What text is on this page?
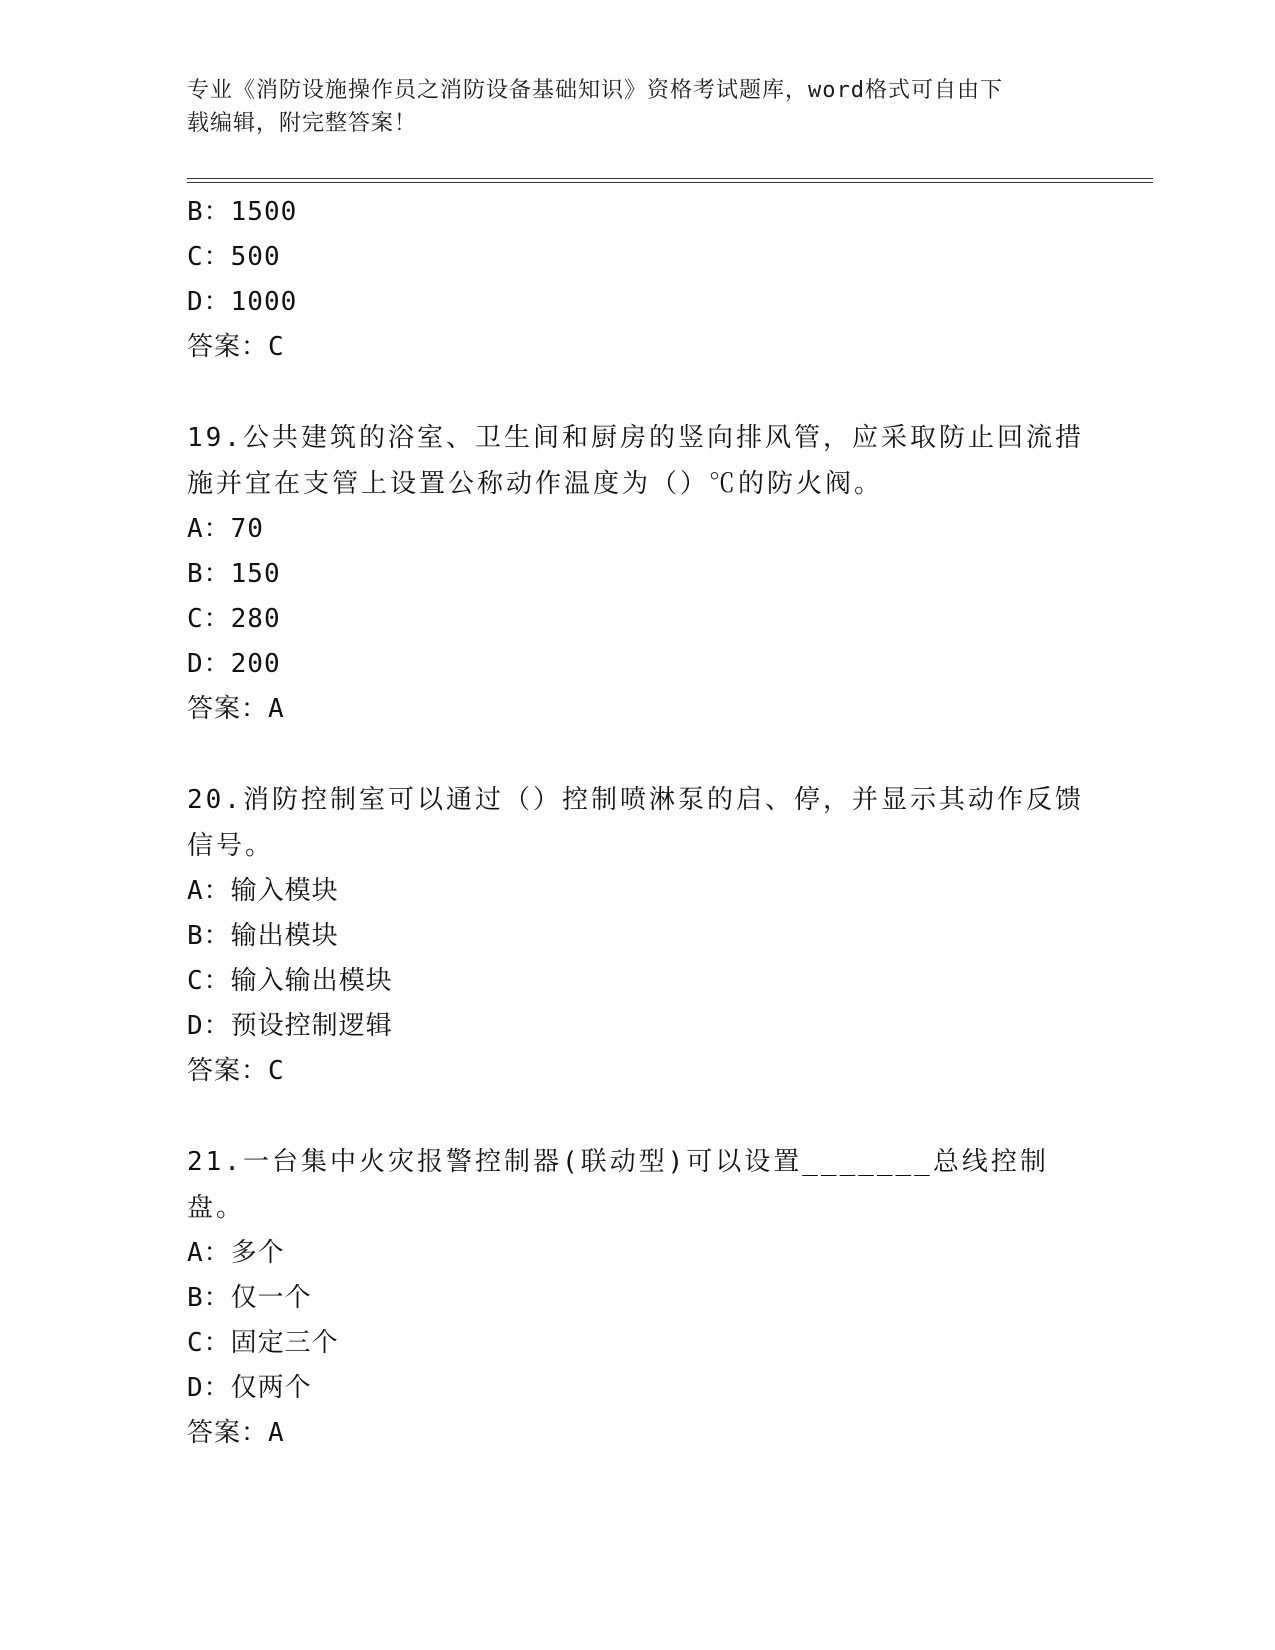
专业《消防设施操作员之消防设备基础知识》资格考试题库，word格式可自由下
载编辑，附完整答案！
B：1500
C：500
D：1000
答案：C
19.公共建筑的浴室、卫生间和厨房的竖向排风管，应采取防止回流措
施并宜在支管上设置公称动作温度为（）℃的防火阀。
A：70
B：150
C：280
D：200
答案：A
20.消防控制室可以通过（）控制喷淋泵的启、停，并显示其动作反馈
信号。
A：输入模块
B：输出模块
C：输入输出模块
D：预设控制逻辑
答案：C
21.一台集中火灾报警控制器(联动型)可以设置_______总线控制盘。
A：多个
B：仅一个
C：固定三个
D：仅两个
答案：A
